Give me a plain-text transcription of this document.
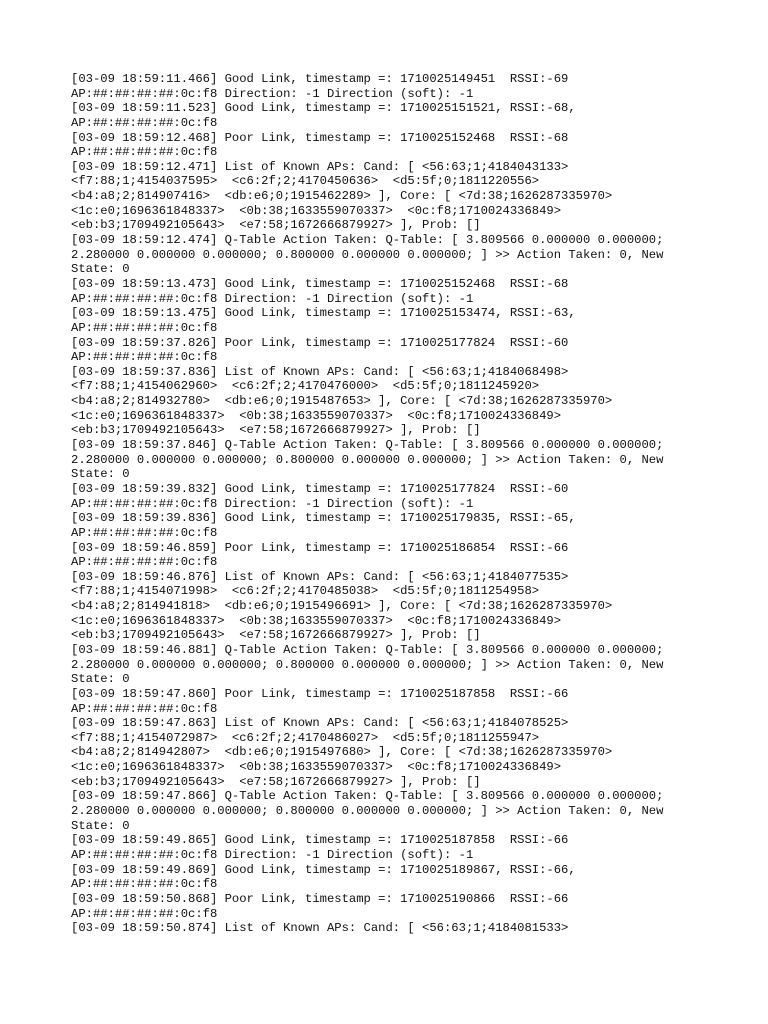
[03-09 18:59:11.466] Good Link, timestamp =: 1710025149451  RSSI:-69
AP:##:##:##:##:0c:f8 Direction: -1 Direction (soft): -1
[03-09 18:59:11.523] Good Link, timestamp =: 1710025151521, RSSI:-68,
AP:##:##:##:##:0c:f8
[03-09 18:59:12.468] Poor Link, timestamp =: 1710025152468  RSSI:-68
AP:##:##:##:##:0c:f8
[03-09 18:59:12.471] List of Known APs: Cand: [ <56:63;1;4184043133>
<f7:88;1;4154037595>  <c6:2f;2;4170450636>  <d5:5f;0;1811220556>
<b4:a8;2;814907416>  <db:e6;0;1915462289> ], Core: [ <7d:38;1626287335970>
<1c:e0;1696361848337>  <0b:38;1633559070337>  <0c:f8;1710024336849>
<eb:b3;1709492105643>  <e7:58;1672666879927> ], Prob: []
[03-09 18:59:12.474] Q-Table Action Taken: Q-Table: [ 3.809566 0.000000 0.000000;
2.280000 0.000000 0.000000; 0.800000 0.000000 0.000000; ] >> Action Taken: 0, New
State: 0
[03-09 18:59:13.473] Good Link, timestamp =: 1710025152468  RSSI:-68
AP:##:##:##:##:0c:f8 Direction: -1 Direction (soft): -1
[03-09 18:59:13.475] Good Link, timestamp =: 1710025153474, RSSI:-63,
AP:##:##:##:##:0c:f8
[03-09 18:59:37.826] Poor Link, timestamp =: 1710025177824  RSSI:-60
AP:##:##:##:##:0c:f8
[03-09 18:59:37.836] List of Known APs: Cand: [ <56:63;1;4184068498>
<f7:88;1;4154062960>  <c6:2f;2;4170476000>  <d5:5f;0;1811245920>
<b4:a8;2;814932780>  <db:e6;0;1915487653> ], Core: [ <7d:38;1626287335970>
<1c:e0;1696361848337>  <0b:38;1633559070337>  <0c:f8;1710024336849>
<eb:b3;1709492105643>  <e7:58;1672666879927> ], Prob: []
[03-09 18:59:37.846] Q-Table Action Taken: Q-Table: [ 3.809566 0.000000 0.000000;
2.280000 0.000000 0.000000; 0.800000 0.000000 0.000000; ] >> Action Taken: 0, New
State: 0
[03-09 18:59:39.832] Good Link, timestamp =: 1710025177824  RSSI:-60
AP:##:##:##:##:0c:f8 Direction: -1 Direction (soft): -1
[03-09 18:59:39.836] Good Link, timestamp =: 1710025179835, RSSI:-65,
AP:##:##:##:##:0c:f8
[03-09 18:59:46.859] Poor Link, timestamp =: 1710025186854  RSSI:-66
AP:##:##:##:##:0c:f8
[03-09 18:59:46.876] List of Known APs: Cand: [ <56:63;1;4184077535>
<f7:88;1;4154071998>  <c6:2f;2;4170485038>  <d5:5f;0;1811254958>
<b4:a8;2;814941818>  <db:e6;0;1915496691> ], Core: [ <7d:38;1626287335970>
<1c:e0;1696361848337>  <0b:38;1633559070337>  <0c:f8;1710024336849>
<eb:b3;1709492105643>  <e7:58;1672666879927> ], Prob: []
[03-09 18:59:46.881] Q-Table Action Taken: Q-Table: [ 3.809566 0.000000 0.000000;
2.280000 0.000000 0.000000; 0.800000 0.000000 0.000000; ] >> Action Taken: 0, New
State: 0
[03-09 18:59:47.860] Poor Link, timestamp =: 1710025187858  RSSI:-66
AP:##:##:##:##:0c:f8
[03-09 18:59:47.863] List of Known APs: Cand: [ <56:63;1;4184078525>
<f7:88;1;4154072987>  <c6:2f;2;4170486027>  <d5:5f;0;1811255947>
<b4:a8;2;814942807>  <db:e6;0;1915497680> ], Core: [ <7d:38;1626287335970>
<1c:e0;1696361848337>  <0b:38;1633559070337>  <0c:f8;1710024336849>
<eb:b3;1709492105643>  <e7:58;1672666879927> ], Prob: []
[03-09 18:59:47.866] Q-Table Action Taken: Q-Table: [ 3.809566 0.000000 0.000000;
2.280000 0.000000 0.000000; 0.800000 0.000000 0.000000; ] >> Action Taken: 0, New
State: 0
[03-09 18:59:49.865] Good Link, timestamp =: 1710025187858  RSSI:-66
AP:##:##:##:##:0c:f8 Direction: -1 Direction (soft): -1
[03-09 18:59:49.869] Good Link, timestamp =: 1710025189867, RSSI:-66,
AP:##:##:##:##:0c:f8
[03-09 18:59:50.868] Poor Link, timestamp =: 1710025190866  RSSI:-66
AP:##:##:##:##:0c:f8
[03-09 18:59:50.874] List of Known APs: Cand: [ <56:63;1;4184081533>
